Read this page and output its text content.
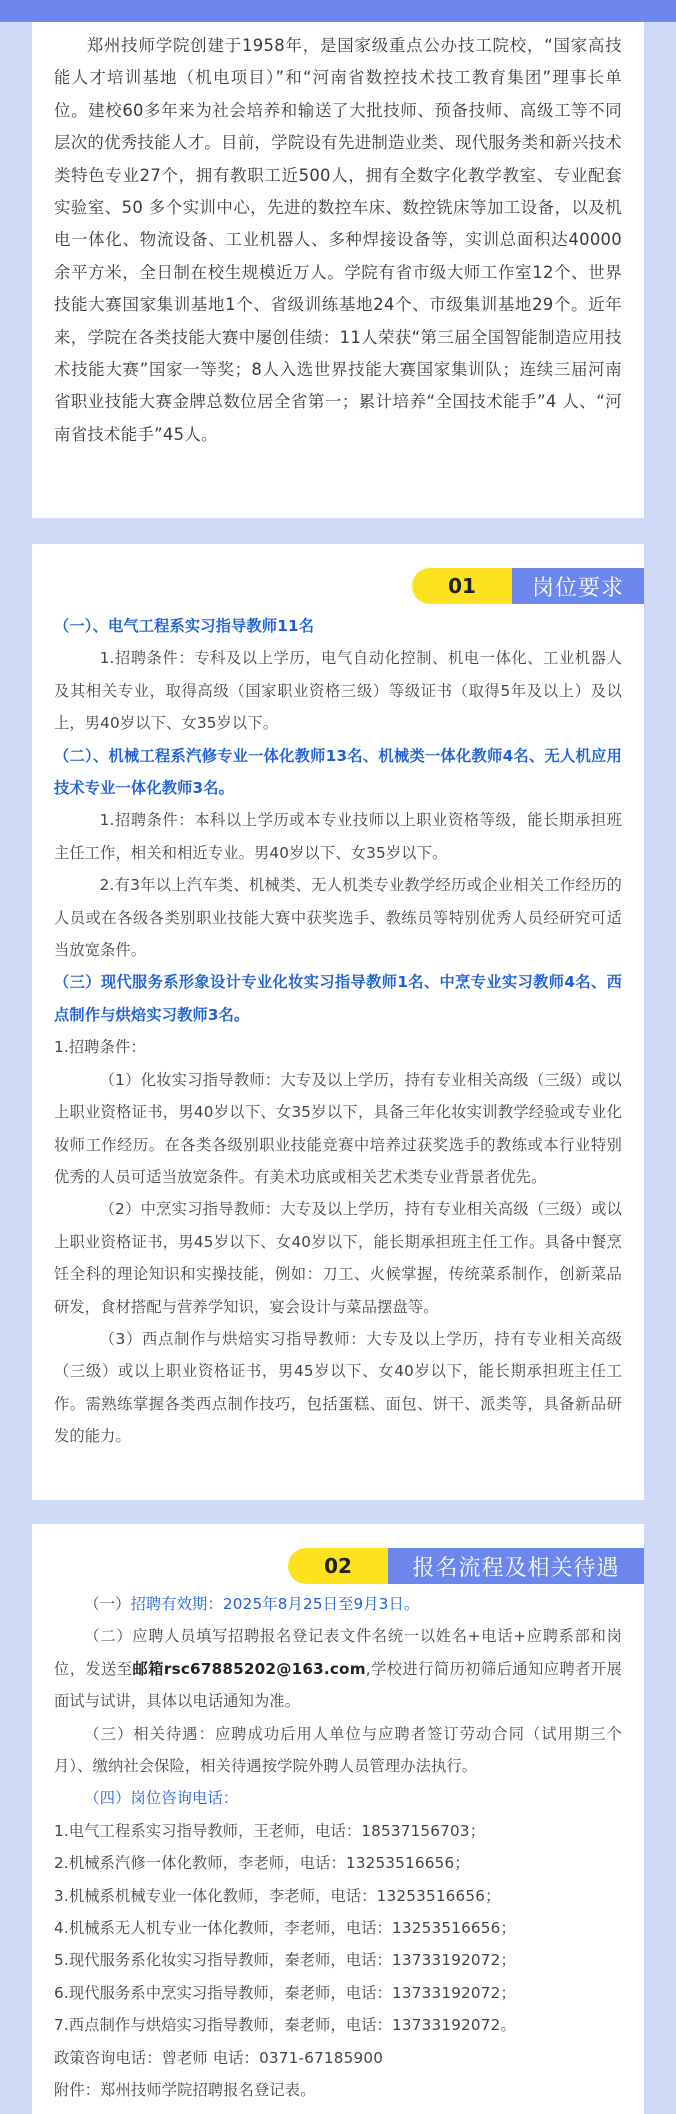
郑州技师学院创建于1958年，是国家级重点公办技工院校，“国家高技能人才培训基地（机电项目）”和“河南省数控技术技工教育集团”理事长单位。建校60多年来为社会培养和输送了大批技师、预备技师、高级工等不同层次的优秀技能人才。目前，学院设有先进制造业类、现代服务类和新兴技术类特色专业27个，拥有教职工近500人，拥有全数字化教学教室、专业配套实验室、50 多个实训中心，先进的数控车床、数控铣床等加工设备，以及机电一体化、物流设备、工业机器人、多种焊接设备等，实训总面积达40000余平方米，全日制在校生规模近万人。学院有省市级大师工作室12个、世界技能大赛国家集训基地1个、省级训练基地24个、市级集训基地29个。近年来，学院在各类技能大赛中屡创佳绩：11人荣获“第三届全国智能制造应用技术技能大赛”国家一等奖；8人入选世界技能大赛国家集训队；连续三届河南省职业技能大赛金牌总数位居全省第一；累计培养“全国技术能手”4 人、“河南省技术能手”45人。

01	岗位要求

（一）、电气工程系实习指导教师11名

1.招聘条件：专科及以上学历，电气自动化控制、机电一体化、工业机器人及其相关专业，取得高级（国家职业资格三级）等级证书（取得5年及以上）及以上，男40岁以下、女35岁以下。

（二）、机械工程系汽修专业一体化教师13名、机械类一体化教师4名、无人机应用技术专业一体化教师3名。

1.招聘条件：本科以上学历或本专业技师以上职业资格等级，能长期承担班主任工作，相关和相近专业。男40岁以下、女35岁以下。

2.有3年以上汽车类、机械类、无人机类专业教学经历或企业相关工作经历的人员或在各级各类别职业技能大赛中获奖选手、教练员等特别优秀人员经研究可适当放宽条件。

（三）现代服务系形象设计专业化妆实习指导教师1名、中烹专业实习教师4名、西点制作与烘焙实习教师3名。

1.招聘条件：

（1）化妆实习指导教师：大专及以上学历，持有专业相关高级（三级）或以上职业资格证书，男40岁以下、女35岁以下，具备三年化妆实训教学经验或专业化妆师工作经历。在各类各级别职业技能竞赛中培养过获奖选手的教练或本行业特别优秀的人员可适当放宽条件。有美术功底或相关艺术类专业背景者优先。

（2）中烹实习指导教师：大专及以上学历，持有专业相关高级（三级）或以上职业资格证书，男45岁以下、女40岁以下，能长期承担班主任工作。具备中餐烹饪全科的理论知识和实操技能，例如：刀工、火候掌握，传统菜系制作，创新菜品研发，食材搭配与营养学知识，宴会设计与菜品摆盘等。

（3）西点制作与烘焙实习指导教师：大专及以上学历，持有专业相关高级（三级）或以上职业资格证书，男45岁以下、女40岁以下，能长期承担班主任工作。需熟练掌握各类西点制作技巧，包括蛋糕、面包、饼干、派类等，具备新品研发的能力。

02	报名流程及相关待遇

（一）招聘有效期：2025年8月25日至9月3日。

（二）应聘人员填写招聘报名登记表文件名统一以姓名+电话+应聘系部和岗位，发送至邮箱rsc67885202@163.com,学校进行简历初筛后通知应聘者开展面试与试讲，具体以电话通知为准。

（三）相关待遇：应聘成功后用人单位与应聘者签订劳动合同（试用期三个月）、缴纳社会保险，相关待遇按学院外聘人员管理办法执行。

（四）岗位咨询电话：

1.电气工程系实习指导教师，王老师，电话：18537156703；

2.机械系汽修一体化教师，李老师，电话：13253516656；

3.机械系机械专业一体化教师，李老师，电话：13253516656；

4.机械系无人机专业一体化教师，李老师，电话：13253516656；

5.现代服务系化妆实习指导教师，秦老师，电话：13733192072；

6.现代服务系中烹实习指导教师，秦老师，电话：13733192072；

7.西点制作与烘焙实习指导教师，秦老师，电话：13733192072。

政策咨询电话：曾老师 电话：0371-67185900

附件：郑州技师学院招聘报名登记表。
